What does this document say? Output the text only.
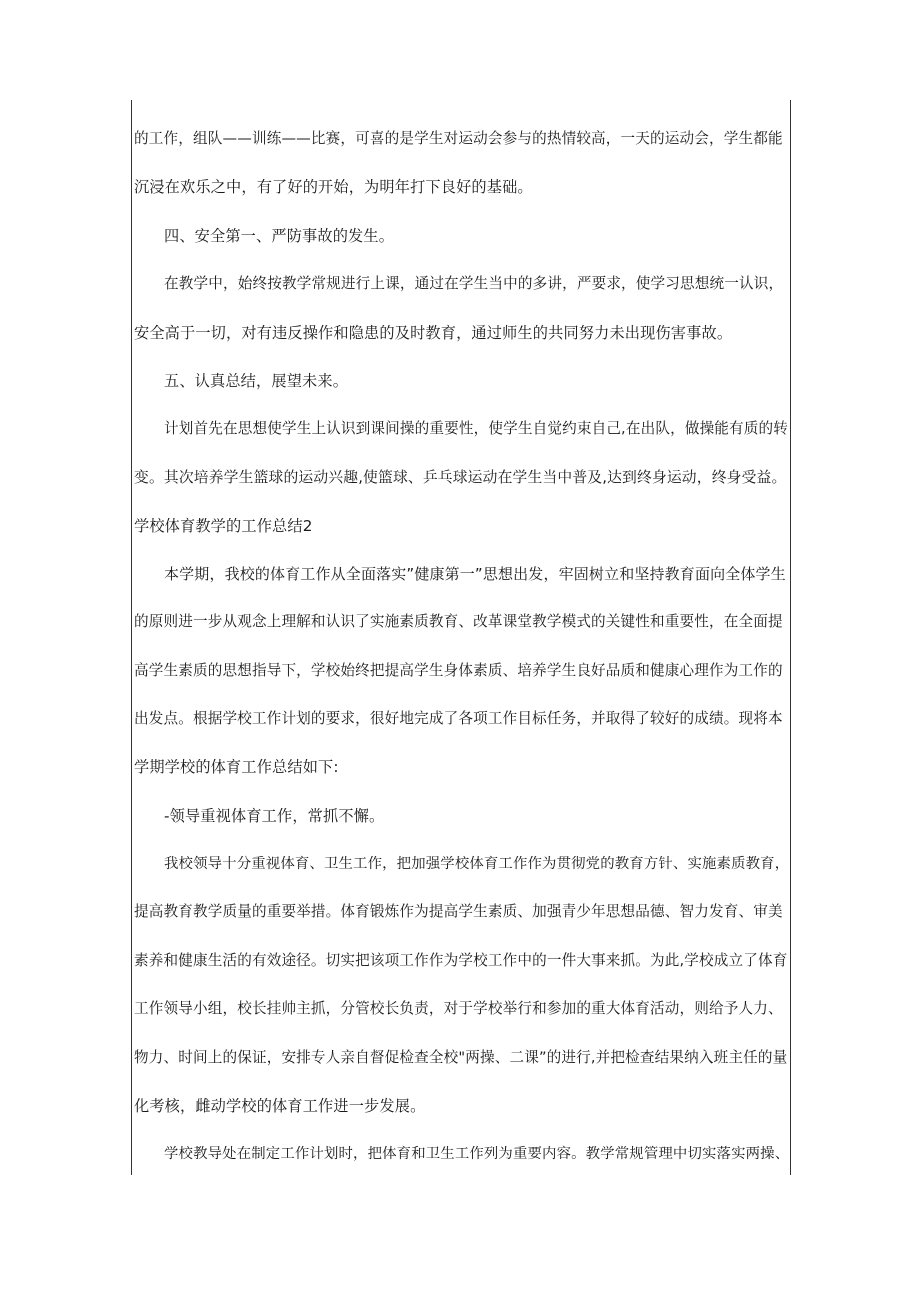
的工作，组队——训练——比赛，可喜的是学生对运动会参与的热情较高，一天的运动会，学生都能
沉浸在欢乐之中，有了好的开始，为明年打下良好的基础。
四、安全第一、严防事故的发生。
在教学中，始终按教学常规进行上课，通过在学生当中的多讲，严要求，使学习思想统一认识，
安全高于一切，对有违反操作和隐患的及时教育，通过师生的共同努力未出现伤害事故。
五、认真总结，展望未来。
计划首先在思想使学生上认识到课间操的重要性，使学生自觉约束自己,在出队，做操能有质的转
变。其次培养学生篮球的运动兴趣,使篮球、乒乓球运动在学生当中普及,达到终身运动，终身受益。
学校体育教学的工作总结2
本学期，我校的体育工作从全面落实”健康第一”思想出发，牢固树立和坚持教育面向全体学生
的原则进一步从观念上理解和认识了实施素质教育、改革课堂教学模式的关键性和重要性，在全面提
高学生素质的思想指导下，学校始终把提高学生身体素质、培养学生良好品质和健康心理作为工作的
出发点。根据学校工作计划的要求，很好地完成了各项工作目标任务，并取得了较好的成绩。现将本
学期学校的体育工作总结如下:
-领导重视体育工作，常抓不懈。
我校领导十分重视体育、卫生工作，把加强学校体育工作作为贯彻党的教育方针、实施素质教育，
提高教育教学质量的重要举措。体育锻炼作为提高学生素质、加强青少年思想品德、智力发育、审美
素养和健康生活的有效途径。切实把该项工作作为学校工作中的一件大事来抓。为此,学校成立了体育
工作领导小组，校长挂帅主抓，分管校长负责，对于学校举行和参加的重大体育活动，则给予人力、
物力、时间上的保证，安排专人亲自督促检查全校"两操、二课”的进行,并把检查结果纳入班主任的量
化考核，雌动学校的体育工作进一步发展。
学校教导处在制定工作计划时，把体育和卫生工作列为重要内容。教学常规管理中切实落实两操、
